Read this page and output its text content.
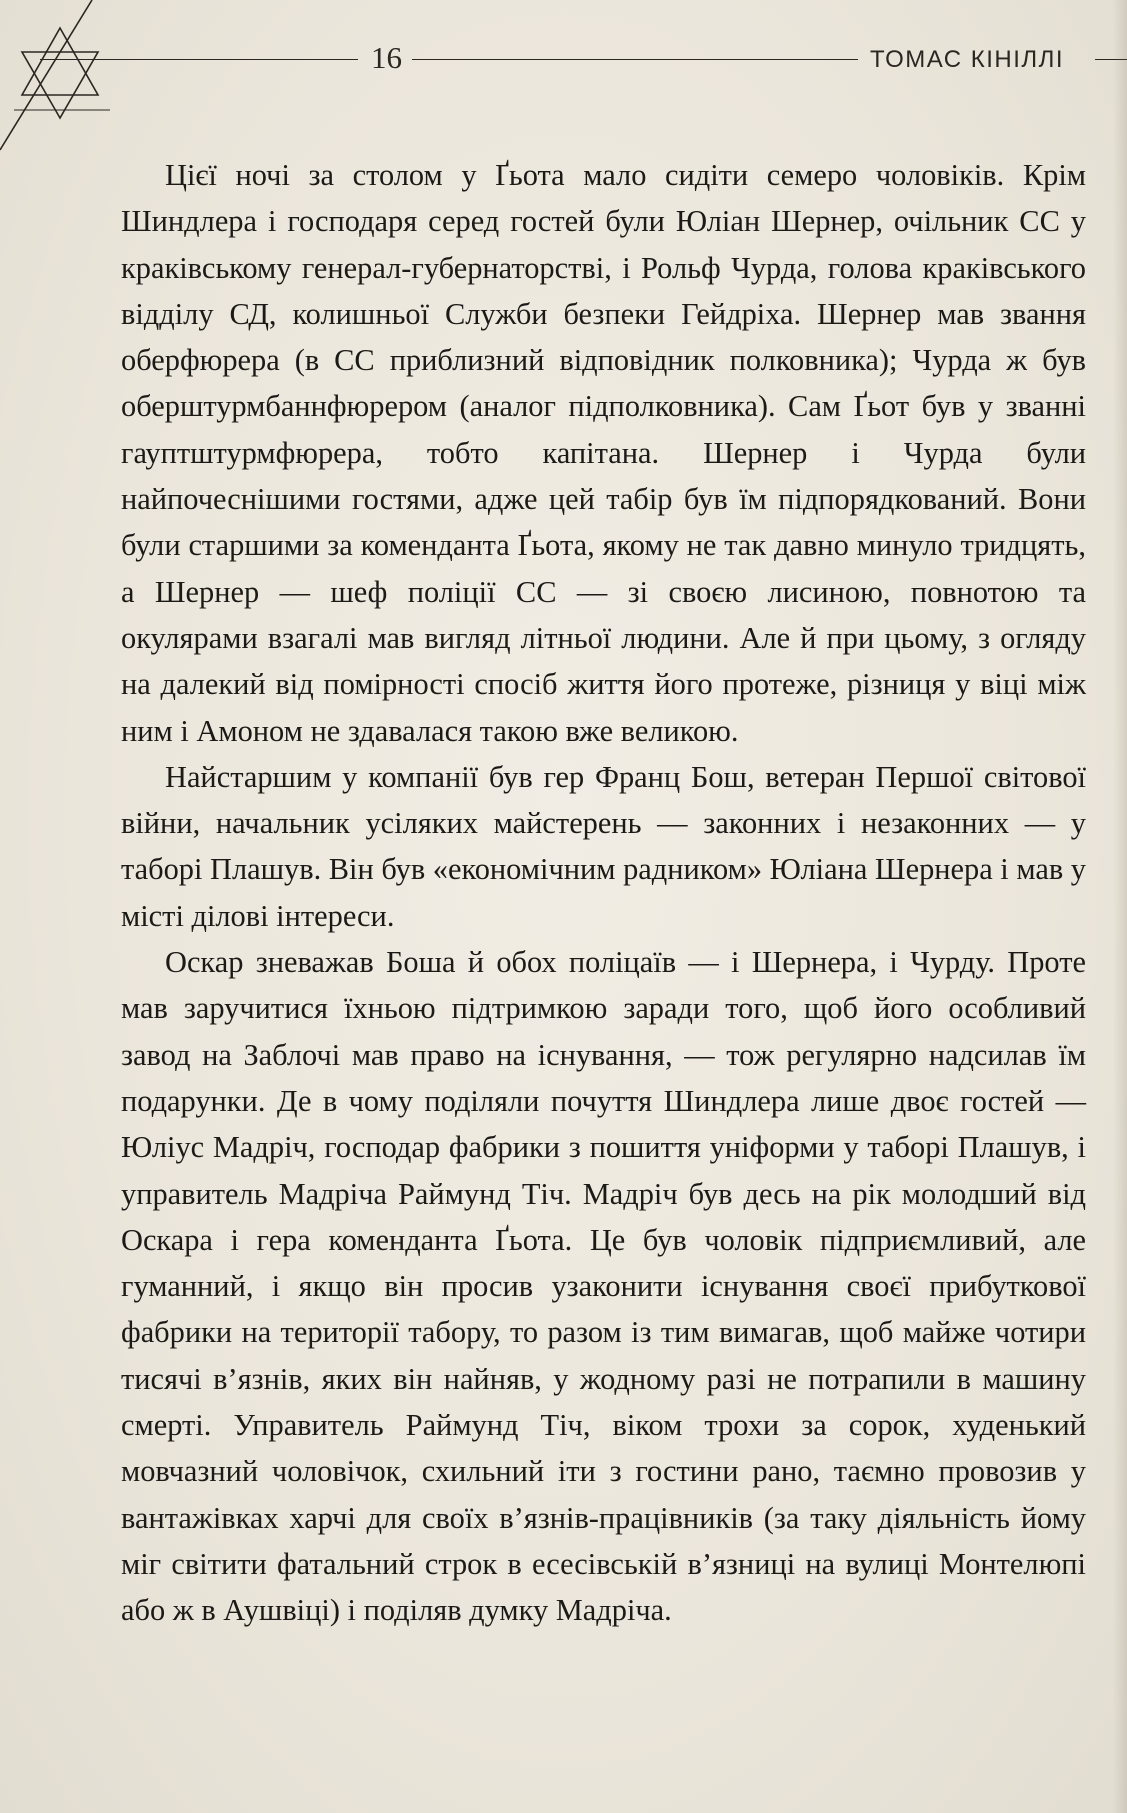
16	ТОМАС КІНІЛЛІ

Цієї ночі за столом у Ґьота мало сидіти семеро чоловіків. Крім Шиндлера і господаря серед гостей були Юліан Шернер, очільник СС у краківському генерал-губернаторстві, і Рольф Чурда, голова краківського відділу СД, колишньої Служби безпеки Гейдріха. Шернер мав звання оберфюрера (в СС приблизний відповідник полковника); Чурда ж був оберштурмбаннфюрером (аналог підполковника). Сам Ґьот був у званні гауптштурмфюрера, тобто капітана. Шернер і Чурда були найпочеснішими гостями, адже цей табір був їм підпорядкований. Вони були старшими за коменданта Ґьота, якому не так давно минуло тридцять, а Шернер — шеф поліції СС — зі своєю лисиною, повнотою та окулярами взагалі мав вигляд літньої людини. Але й при цьому, з огляду на далекий від помірності спосіб життя його протеже, різниця у віці між ним і Амоном не здавалася такою вже великою.

Найстаршим у компанії був гер Франц Бош, ветеран Першої світової війни, начальник усіляких майстерень — законних і незаконних — у таборі Плашув. Він був «економічним радником» Юліана Шернера і мав у місті ділові інтереси.

Оскар зневажав Боша й обох поліцаїв — і Шернера, і Чурду. Проте мав заручитися їхньою підтримкою заради того, щоб його особливий завод на Заблочі мав право на існування, — тож регулярно надсилав їм подарунки. Де в чому поділяли почуття Шиндлера лише двоє гостей — Юліус Мадріч, господар фабрики з пошиття уніформи у таборі Плашув, і управитель Мадріча Раймунд Тіч. Мадріч був десь на рік молодший від Оскара і гера коменданта Ґьота. Це був чоловік підприємливий, але гуманний, і якщо він просив узаконити існування своєї прибуткової фабрики на території табору, то разом із тим вимагав, щоб майже чотири тисячі в’язнів, яких він найняв, у жодному разі не потрапили в машину смерті. Управитель Раймунд Тіч, віком трохи за сорок, худенький мовчазний чоловічок, схильний іти з гостини рано, таємно провозив у вантажівках харчі для своїх в’язнів-працівників (за таку діяльність йому міг світити фатальний строк в есесівській в’язниці на вулиці Монтелюпі або ж в Аушвіці) і поділяв думку Мадріча.
